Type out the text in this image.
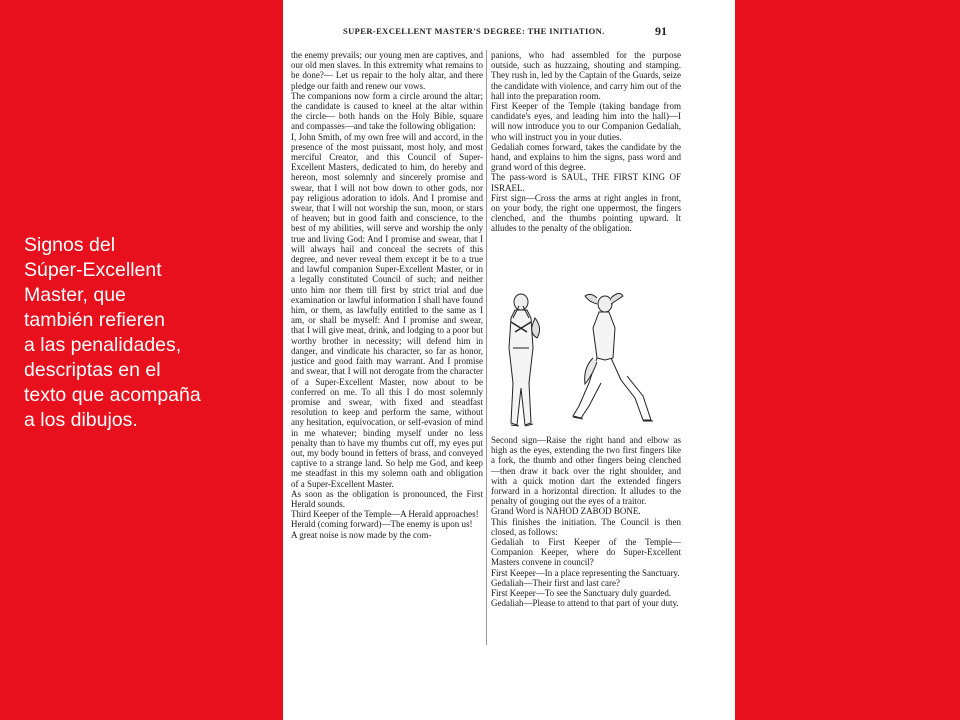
Signos del
Súper-Excellent
Master, que
también refieren
a las penalidades,
descriptas en el
texto que acompaña
a los dibujos.
SUPER-EXCELLENT MASTER'S DEGREE: THE INITIATION.	91
the enemy prevails; our young men are captives, and our old men slaves. In this extremity what remains to be done?— Let us repair to the holy altar, and there pledge our faith and renew our vows.
The companions now form a circle around the altar; the candidate is caused to kneel at the altar within the circle— both hands on the Holy Bible, square and compasses—and take the following obligation:
I, John Smith, of my own free will and accord, in the presence of the most puissant, most holy, and most merciful Creator, and this Council of Super-Excellent Masters, dedicated to him, do hereby and hereon, most solemnly and sincerely promise and swear, that I will not bow down to other gods, nor pay religious adoration to idols. And I promise and swear, that I will not worship the sun, moon, or stars of heaven; but in good faith and conscience, to the best of my abilities, will serve and worship the only true and living God: And I promise and swear, that I will always hail and conceal the secrets of this degree, and never reveal them except it be to a true and lawful companion Super-Excellent Master, or in a legally constituted Council of such; and neither unto him nor them till first by strict trial and due examination or lawful information I shall have found him, or them, as lawfully entitled to the same as I am, or shall be myself: And I promise and swear, that I will give meat, drink, and lodging to a poor but worthy brother in necessity; will defend him in danger, and vindicate his character, so far as honor, justice and good faith may warrant. And I promise and swear, that I will not derogate from the character of a Super-Excellent Master, now about to be conferred on me. To all this I do most solemnly promise and swear, with fixed and steadfast resolution to keep and perform the same, without any hesitation, equivocation, or self-evasion of mind in me whatever; binding myself under no less penalty than to have my thumbs cut off, my eyes put out, my body bound in fetters of brass, and conveyed captive to a strange land. So help me God, and keep me steadfast in this my solemn oath and obligation of a Super-Excellent Master.
As soon as the obligation is pronounced, the First Herald sounds.
Third Keeper of the Temple—A Herald approaches!
Herald (coming forward)—The enemy is upon us!
A great noise is now made by the com-
panions, who had assembled for the purpose outside, such as huzzaing, shouting and stamping. They rush in, led by the Captain of the Guards, seize the candidate with violence, and carry him out of the hall into the preparation room.
First Keeper of the Temple (taking bandage from candidate's eyes, and leading him into the hall)—I will now introduce you to our Companion Gedaliah, who will instruct you in your duties.
Gedaliah comes forward, takes the candidate by the hand, and explains to him the signs, pass word and grand word of this degree.
The pass-word is SAUL, THE FIRST KING OF ISRAEL.
First sign—Cross the arms at right angles in front, on your body, the right one uppermost, the fingers clenched, and the thumbs pointing upward. It alludes to the penalty of the obligation.
Second sign—Raise the right hand and elbow as high as the eyes, extending the two first fingers like a fork, the thumb and other fingers being clenched—then draw it back over the right shoulder, and with a quick motion dart the extended fingers forward in a horizontal direction. It alludes to the penalty of gouging out the eyes of a traitor.
Grand Word is NAHOD ZABOD BONE.
This finishes the initiation. The Council is then closed, as follows:
Gedaliah to First Keeper of the Temple—Companion Keeper, where do Super-Excellent Masters convene in council?
First Keeper—In a place representing the Sanctuary.
Gedaliah—Their first and last care?
First Keeper—To see the Sanctuary duly guarded.
Gedaliah—Please to attend to that part of your duty.
